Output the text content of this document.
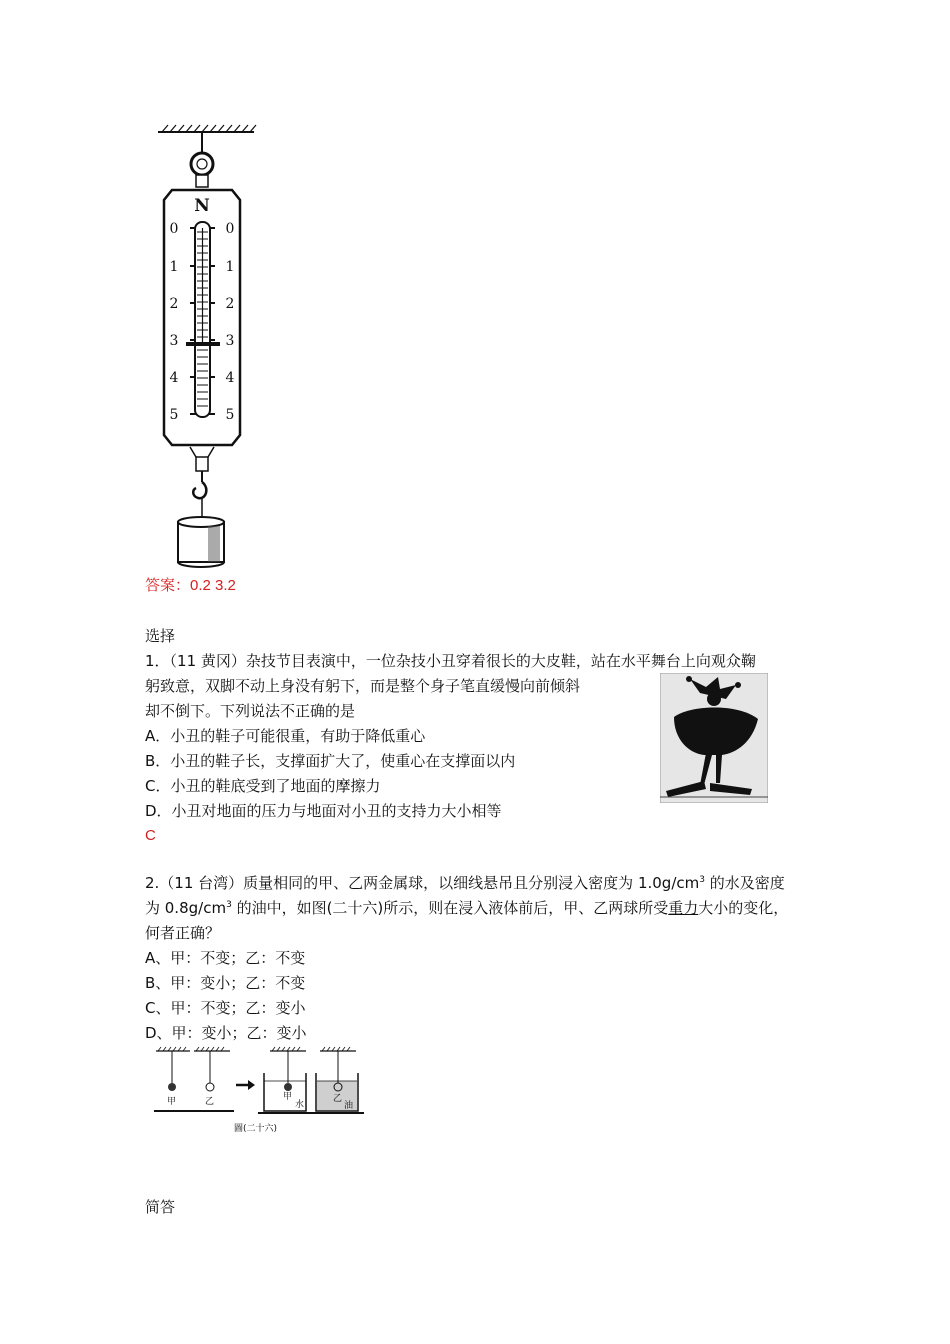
N
0	0
1	1
2	2
3	3
4	4
5	5
答案：0.2 3.2
选择
1．（11 黄冈）杂技节目表演中，一位杂技小丑穿着很长的大皮鞋，站在水平舞台上向观众鞠
躬致意，双脚不动上身没有躬下，而是整个身子笔直缓慢向前倾斜
却不倒下。下列说法不正确的是
A．小丑的鞋子可能很重，有助于降低重心
B．小丑的鞋子长，支撑面扩大了，使重心在支撑面以内
C．小丑的鞋底受到了地面的摩擦力
D．小丑对地面的压力与地面对小丑的支持力大小相等
C
2.（11 台湾）质量相同的甲、乙两金属球，以细线悬吊且分别浸入密度为 $1.0g/cm^3$ 的水及密度
为 $0.8g/cm^3$ 的油中，如图(二十六)所示，则在浸入液体前后，甲、乙两球所受重力大小的变化，
何者正确？
A、甲：不变；乙：不变
B、甲：变小；乙：不变
C、甲：不变；乙：变小
D、甲：变小；乙：变小
甲	乙	甲
水
乙
油
圖(二十六)
简答
